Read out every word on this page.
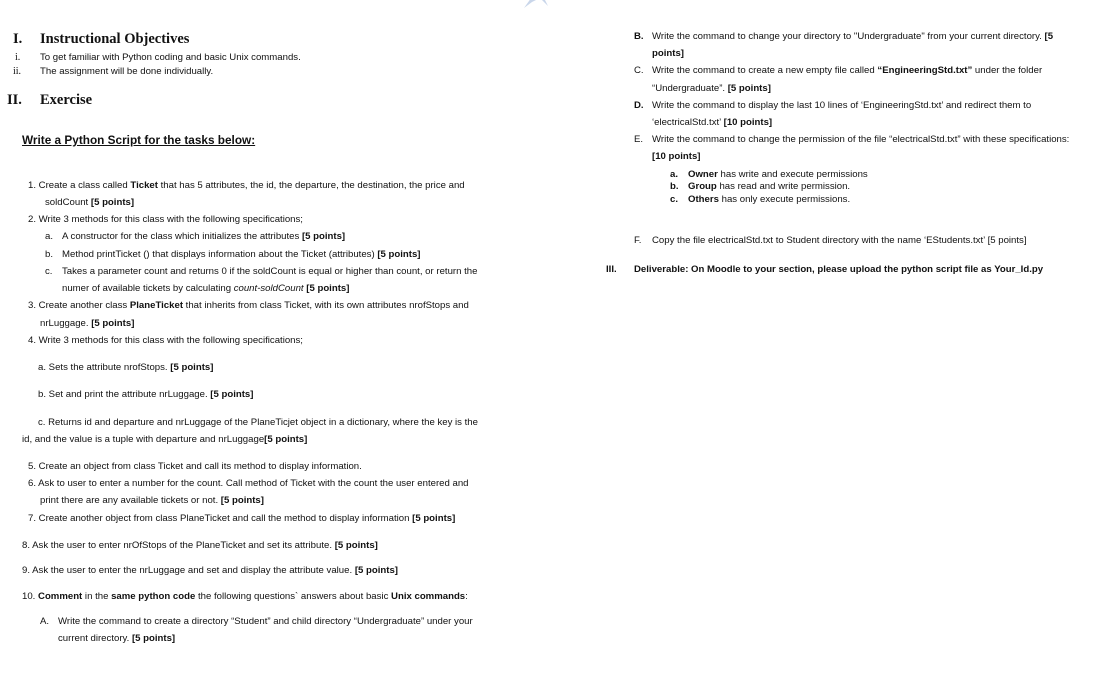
I. Instructional Objectives
i. To get familiar with Python coding and basic Unix commands.
ii. The assignment will be done individually.
II. Exercise
Write a Python Script for the tasks below:
1. Create a class called Ticket that has 5 attributes, the id, the departure, the destination, the price and
soldCount [5 points]
2. Write 3 methods for this class with the following specifications;
a. A constructor for the class which initializes the attributes [5 points]
b. Method printTicket () that displays information about the Ticket (attributes) [5 points]
c. Takes a parameter count and returns 0 if the soldCount is equal or higher than count, or return the
numer of available tickets by calculating count-soldCount [5 points]
3. Create another class PlaneTicket that inherits from class Ticket, with its own attributes nrofStops and
nrLuggage. [5 points]
4. Write 3 methods for this class with the following specifications;
a. Sets the attribute nrofStops. [5 points]
b. Set and print the attribute nrLuggage. [5 points]
c. Returns id and departure and nrLuggage of the PlaneTicjet object in a dictionary, where the key is the
id, and the value is a tuple with departure and nrLuggage[5 points]
5. Create an object from class Ticket and call its method to display information.
6. Ask to user to enter a number for the count. Call method of Ticket with the count the user entered and
print there are any available tickets or not. [5 points]
7. Create another object from class PlaneTicket and call the method to display information [5 points]
8. Ask the user to enter nrOfStops of the PlaneTicket and set its attribute. [5 points]
9. Ask the user to enter the nrLuggage and set and display the attribute value. [5 points]
10. Comment in the same python code the following questions` answers about basic Unix commands:
A. Write the command to create a directory “Student” and child directory “Undergraduate” under your
current directory. [5 points]
B. Write the command to change your directory to "Undergraduate" from your current directory. [5
points]
C. Write the command to create a new empty file called “EngineeringStd.txt” under the folder
“Undergraduate”. [5 points]
D. Write the command to display the last 10 lines of ‘EngineeringStd.txt’ and redirect them to
‘electricalStd.txt’ [10 points]
E. Write the command to change the permission of the file “electricalStd.txt” with these specifications:
[10 points]
a. Owner has write and execute permissions
b. Group has read and write permission.
c. Others has only execute permissions.
F. Copy the file electricalStd.txt to Student directory with the name ‘EStudents.txt’ [5 points]
III. Deliverable: On Moodle to your section, please upload the python script file as Your_Id.py
